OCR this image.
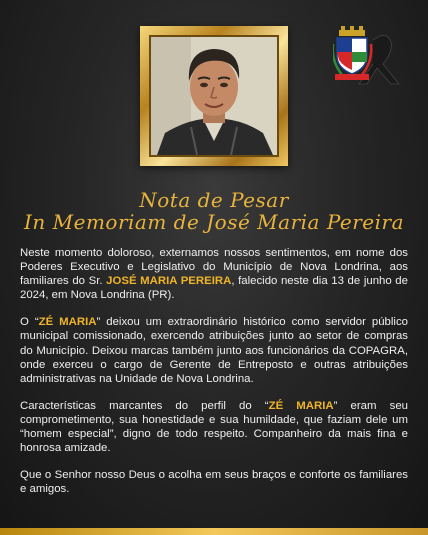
Nota de Pesar
In Memoriam de José Maria Pereira

Neste momento doloroso, externamos nossos sentimentos, em nome dos Poderes Executivo e Legislativo do Município de Nova Londrina, aos familiares do Sr. JOSÉ MARIA PEREIRA, falecido neste dia 13 de junho de 2024, em Nova Londrina (PR).

O “ZÉ MARIA” deixou um extraordinário histórico como servidor público municipal comissionado, exercendo atribuições junto ao setor de compras do Município. Deixou marcas também junto aos funcionários da COPAGRA, onde exerceu o cargo de Gerente de Entreposto e outras atribuições administrativas na Unidade de Nova Londrina.

Características marcantes do perfil do “ZÉ MARIA” eram seu comprometimento, sua honestidade e sua humildade, que faziam dele um “homem especial”, digno de todo respeito. Companheiro da mais fina e honrosa amizade.

Que o Senhor nosso Deus o acolha em seus braços e conforte os familiares e amigos.
